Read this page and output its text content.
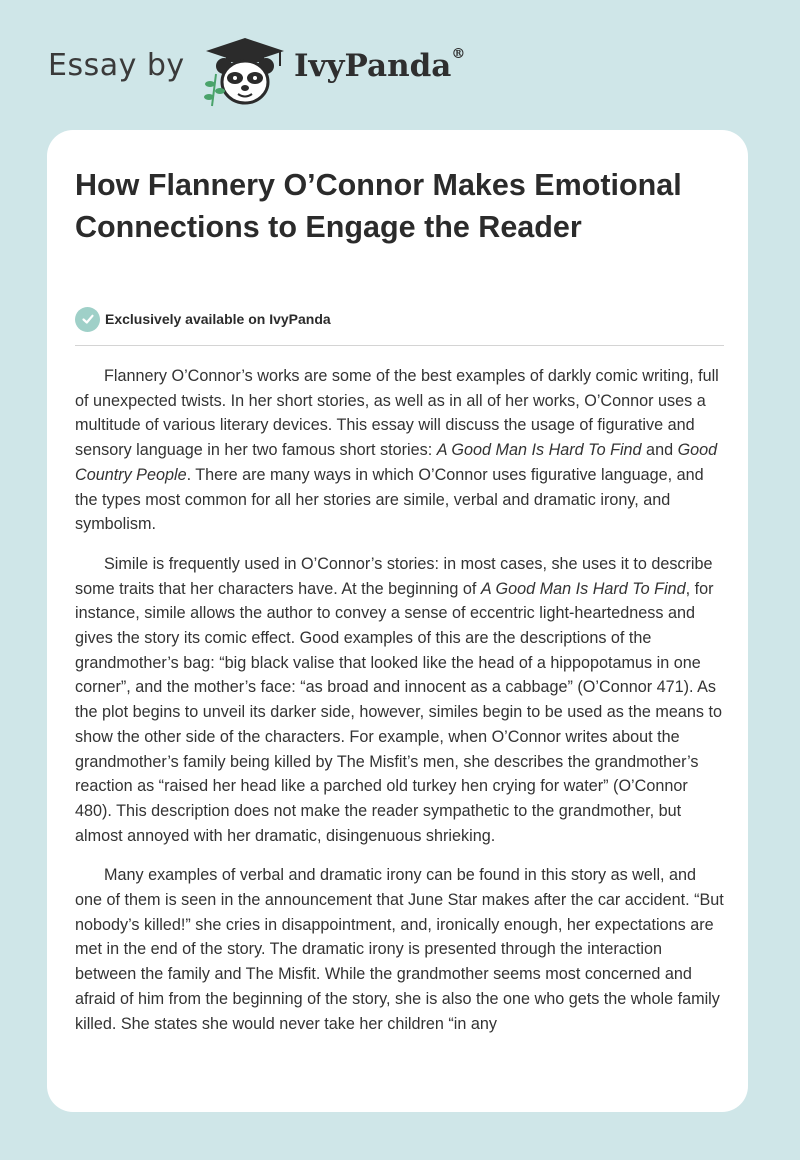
Essay by	IvyPanda®
How Flannery O’Connor Makes Emotional Connections to Engage the Reader
Exclusively available on IvyPanda

Flannery O’Connor’s works are some of the best examples of darkly comic writing, full of unexpected twists. In her short stories, as well as in all of her works, O’Connor uses a multitude of various literary devices. This essay will discuss the usage of figurative and sensory language in her two famous short stories: A Good Man Is Hard To Find and Good Country People. There are many ways in which O’Connor uses figurative language, and the types most common for all her stories are simile, verbal and dramatic irony, and symbolism.

Simile is frequently used in O’Connor’s stories: in most cases, she uses it to describe some traits that her characters have. At the beginning of A Good Man Is Hard To Find, for instance, simile allows the author to convey a sense of eccentric light-heartedness and gives the story its comic effect. Good examples of this are the descriptions of the grandmother’s bag: “big black valise that looked like the head of a hippopotamus in one corner”, and the mother’s face: “as broad and innocent as a cabbage” (O’Connor 471). As the plot begins to unveil its darker side, however, similes begin to be used as the means to show the other side of the characters. For example, when O’Connor writes about the grandmother’s family being killed by The Misfit’s men, she describes the grandmother’s reaction as “raised her head like a parched old turkey hen crying for water” (O’Connor 480). This description does not make the reader sympathetic to the grandmother, but almost annoyed with her dramatic, disingenuous shrieking.

Many examples of verbal and dramatic irony can be found in this story as well, and one of them is seen in the announcement that June Star makes after the car accident. “But nobody’s killed!” she cries in disappointment, and, ironically enough, her expectations are met in the end of the story. The dramatic irony is presented through the interaction between the family and The Misfit. While the grandmother seems most concerned and afraid of him from the beginning of the story, she is also the one who gets the whole family killed. She states she would never take her children “in any
